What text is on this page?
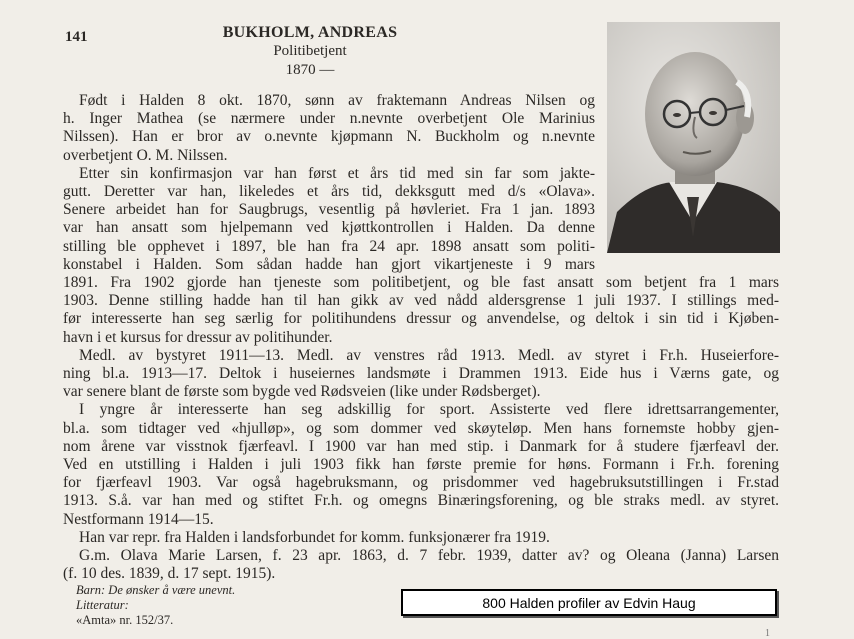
141	BUKHOLM, ANDREAS
Politibetjent
1870 —
Født i Halden 8 okt. 1870, sønn av fraktemann Andreas Nilsen og
h. Inger Mathea (se nærmere under n.nevnte overbetjent Ole Marinius
Nilssen). Han er bror av o.nevnte kjøpmann N. Buckholm og n.nevnte
overbetjent O. M. Nilssen.
Etter sin konfirmasjon var han først et års tid med sin far som jakte-
gutt. Deretter var han, likeledes et års tid, dekksgutt med d/s «Olava».
Senere arbeidet han for Saugbrugs, vesentlig på høvleriet. Fra 1 jan. 1893
var han ansatt som hjelpemann ved kjøttkontrollen i Halden. Da denne
stilling ble opphevet i 1897, ble han fra 24 apr. 1898 ansatt som politi-
konstabel i Halden. Som sådan hadde han gjort vikartjeneste i 9 mars
1891. Fra 1902 gjorde han tjeneste som politibetjent, og ble fast ansatt som betjent fra 1 mars
1903. Denne stilling hadde han til han gikk av ved nådd aldersgrense 1 juli 1937. I stillings med-
før interesserte han seg særlig for politihundens dressur og anvendelse, og deltok i sin tid i Kjøben-
havn i et kursus for dressur av politihunder.
Medl. av bystyret 1911—13. Medl. av venstres råd 1913. Medl. av styret i Fr.h. Huseierfore-
ning bl.a. 1913—17. Deltok i huseiernes landsmøte i Drammen 1913. Eide hus i Værns gate, og
var senere blant de første som bygde ved Rødsveien (like under Rødsberget).
I yngre år interesserte han seg adskillig for sport. Assisterte ved flere idrettsarrangementer,
bl.a. som tidtager ved «hjulløp», og som dommer ved skøyteløp. Men hans fornemste hobby gjen-
nom årene var visstnok fjærfeavl. I 1900 var han med stip. i Danmark for å studere fjærfeavl der.
Ved en utstilling i Halden i juli 1903 fikk han første premie for høns. Formann i Fr.h. forening
for fjærfeavl 1903. Var også hagebruksmann, og prisdommer ved hagebruksutstillingen i Fr.stad
1913. S.å. var han med og stiftet Fr.h. og omegns Binæringsforening, og ble straks medl. av styret.
Nestformann 1914—15.
Han var repr. fra Halden i landsforbundet for komm. funksjonærer fra 1919.
G.m. Olava Marie Larsen, f. 23 apr. 1863, d. 7 febr. 1939, datter av? og Oleana (Janna) Larsen
(f. 10 des. 1839, d. 17 sept. 1915).
Barn: De ønsker å være unevnt.
Litteratur:
«Amta» nr. 152/37.
800 Halden profiler av Edvin Haug
1
